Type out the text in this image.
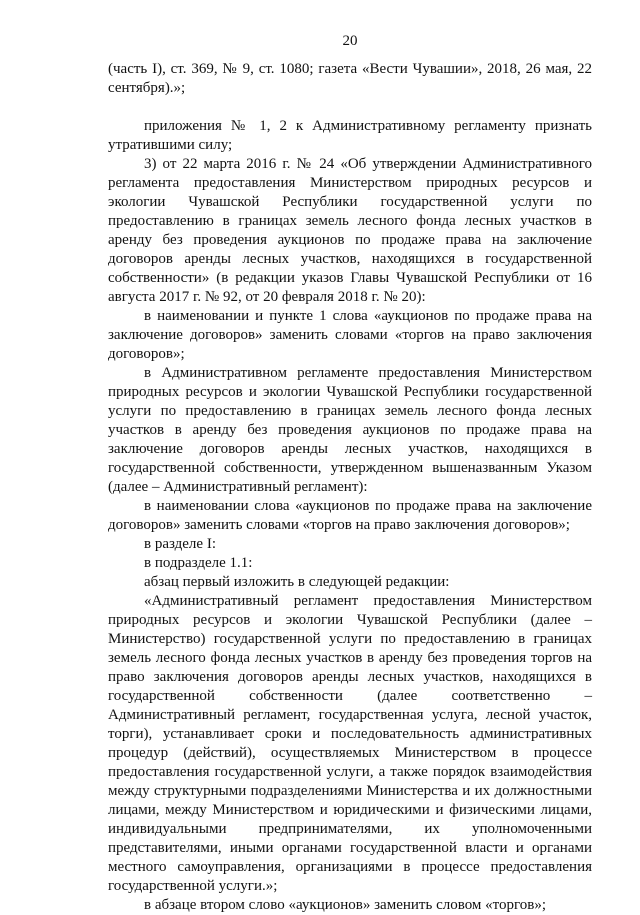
20

(часть I), ст. 369, № 9, ст. 1080; газета «Вести Чувашии», 2018, 26 мая, 22 сентября).»;

приложения № 1, 2 к Административному регламенту признать утратившими силу;

3) от 22 марта 2016 г. № 24 «Об утверждении Административного регламента предоставления Министерством природных ресурсов и экологии Чувашской Республики государственной услуги по предоставлению в границах земель лесного фонда лесных участков в аренду без проведения аукционов по продаже права на заключение договоров аренды лесных участков, находящихся в государственной собственности» (в редакции указов Главы Чувашской Республики от 16 августа 2017 г. № 92, от 20 февраля 2018 г. № 20):

в наименовании и пункте 1 слова «аукционов по продаже права на заключение договоров» заменить словами «торгов на право заключения договоров»;

в Административном регламенте предоставления Министерством природных ресурсов и экологии Чувашской Республики государственной услуги по предоставлению в границах земель лесного фонда лесных участков в аренду без проведения аукционов по продаже права на заключение договоров аренды лесных участков, находящихся в государственной собственности, утвержденном вышеназванным Указом (далее – Административный регламент):

в наименовании слова «аукционов по продаже права на заключение договоров» заменить словами «торгов на право заключения договоров»;

в разделе I:

в подразделе 1.1:

абзац первый изложить в следующей редакции:

«Административный регламент предоставления Министерством природных ресурсов и экологии Чувашской Республики (далее – Министерство) государственной услуги по предоставлению в границах земель лесного фонда лесных участков в аренду без проведения торгов на право заключения договоров аренды лесных участков, находящихся в государственной собственности (далее соответственно – Административный регламент, государственная услуга, лесной участок, торги), устанавливает сроки и последовательность административных процедур (действий), осуществляемых Министерством в процессе предоставления государственной услуги, а также порядок взаимодействия между структурными подразделениями Министерства и их должностными лицами, между Министерством и юридическими и физическими лицами, индивидуальными предпринимателями, их уполномоченными представителями, иными органами государственной власти и органами местного самоуправления, организациями в процессе предоставления государственной услуги.»;

в абзаце втором слово «аукционов» заменить словом «торгов»;
